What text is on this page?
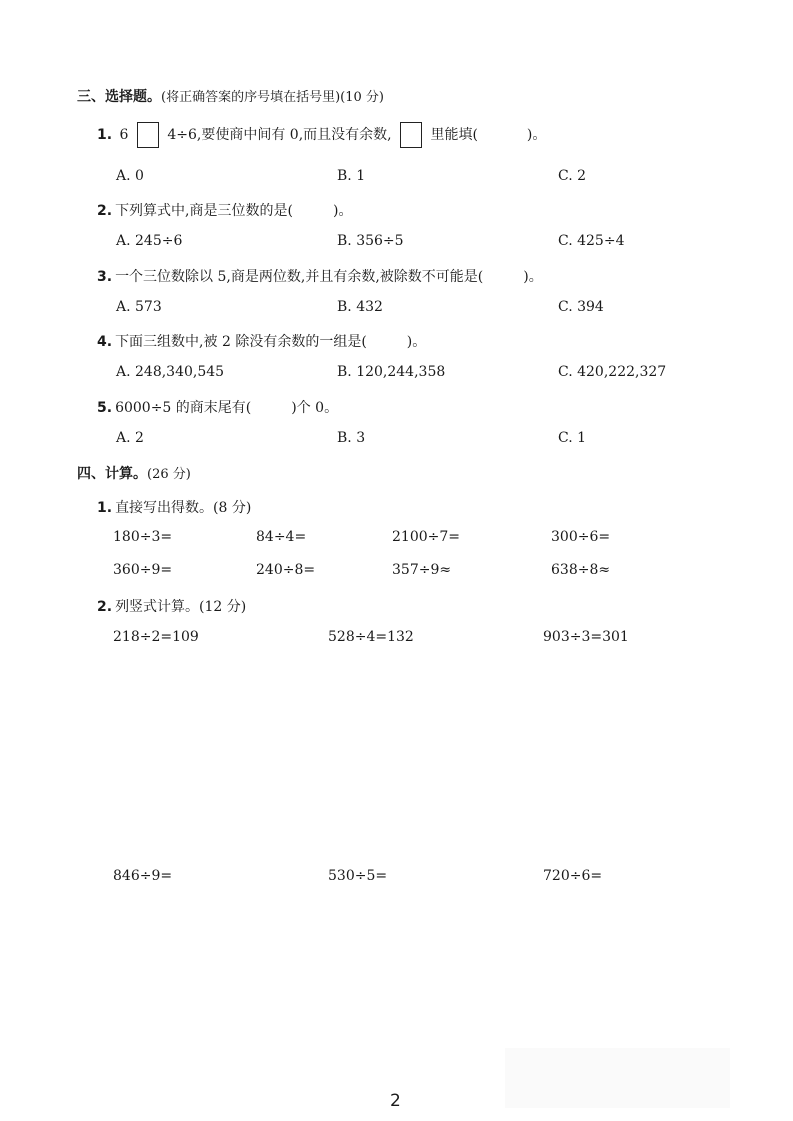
三、选择题。(将正确答案的序号填在括号里)(10 分)
1. 6	4÷6,要使商中间有 0,而且没有余数,	里能填(	)。
A. 0	B. 1	C. 2
2. 下列算式中,商是三位数的是(	)。
A. 245÷6	B. 356÷5	C. 425÷4
3. 一个三位数除以 5,商是两位数,并且有余数,被除数不可能是(	)。
A. 573	B. 432	C. 394
4. 下面三组数中,被 2 除没有余数的一组是(	)。
A. 248,340,545	B. 120,244,358	C. 420,222,327
5. 6000÷5 的商末尾有(	)个 0。
A. 2	B. 3	C. 1
四、计算。(26 分)
1. 直接写出得数。(8 分)
180÷3=	84÷4=	2100÷7=	300÷6=
360÷9=	240÷8=	357÷9≈	638÷8≈
2. 列竖式计算。(12 分)
218÷2=109	528÷4=132	903÷3=301
846÷9=	530÷5=	720÷6=
2
